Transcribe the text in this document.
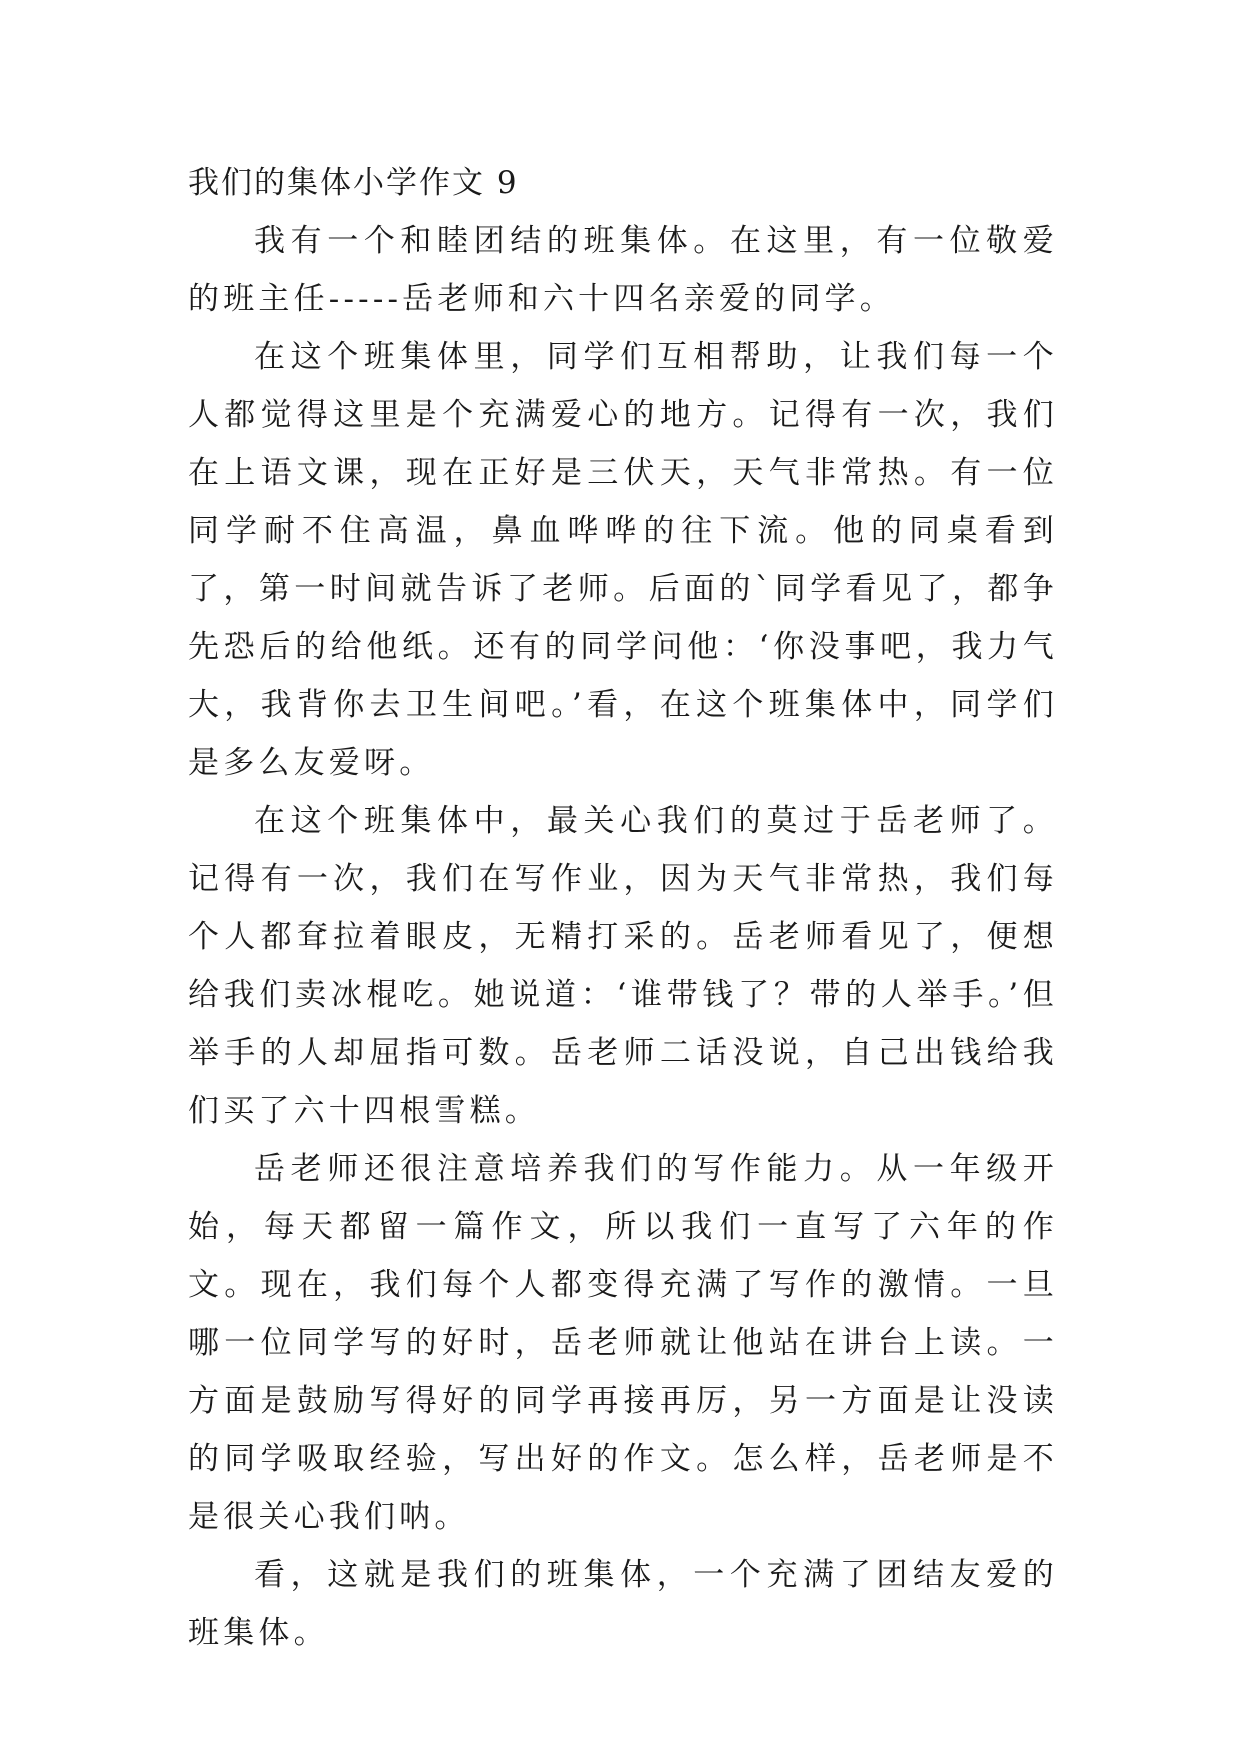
我们的集体小学作文 9

我有一个和睦团结的班集体。在这里，有一位敬爱的班主任-----岳老师和六十四名亲爱的同学。

在这个班集体里，同学们互相帮助，让我们每一个人都觉得这里是个充满爱心的地方。记得有一次，我们在上语文课，现在正好是三伏天，天气非常热。有一位同学耐不住高温，鼻血哗哗的往下流。他的同桌看到了，第一时间就告诉了老师。后面的`同学看见了，都争先恐后的给他纸。还有的同学问他：‘你没事吧，我力气大，我背你去卫生间吧。’看，在这个班集体中，同学们是多么友爱呀。

在这个班集体中，最关心我们的莫过于岳老师了。记得有一次，我们在写作业，因为天气非常热，我们每个人都耷拉着眼皮，无精打采的。岳老师看见了，便想给我们卖冰棍吃。她说道：‘谁带钱了？带的人举手。’但举手的人却屈指可数。岳老师二话没说，自己出钱给我们买了六十四根雪糕。

岳老师还很注意培养我们的写作能力。从一年级开始，每天都留一篇作文，所以我们一直写了六年的作文。现在，我们每个人都变得充满了写作的激情。一旦哪一位同学写的好时，岳老师就让他站在讲台上读。一方面是鼓励写得好的同学再接再厉，另一方面是让没读的同学吸取经验，写出好的作文。怎么样，岳老师是不是很关心我们呐。

看，这就是我们的班集体，一个充满了团结友爱的班集体。
